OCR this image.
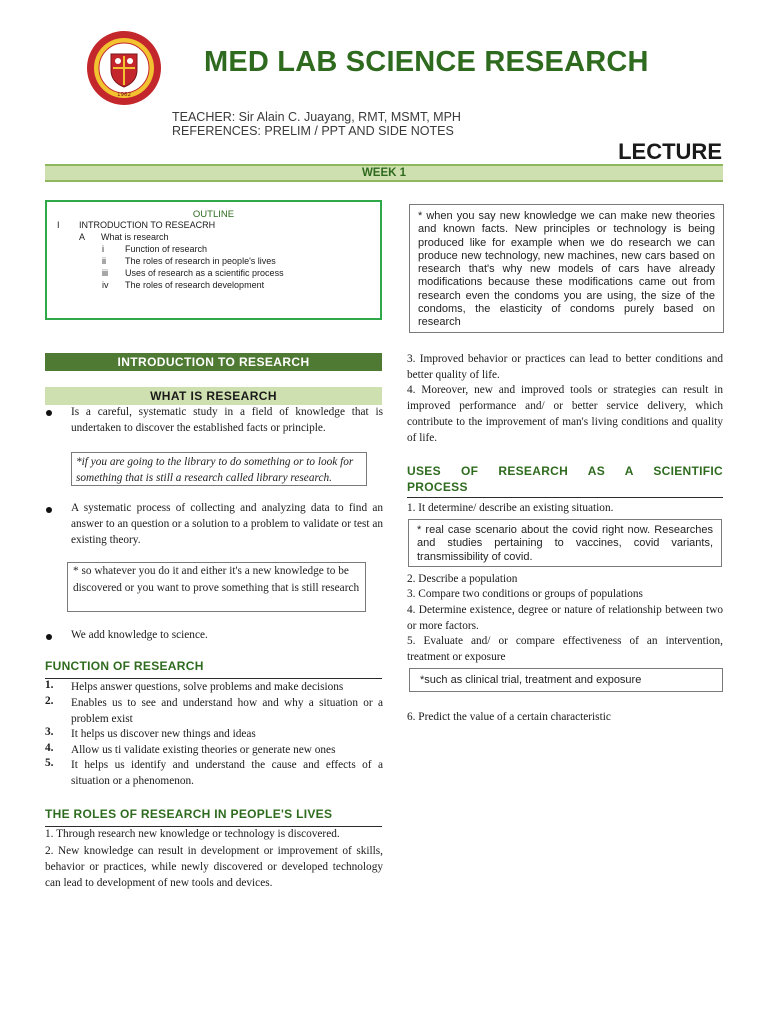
1962
MED LAB SCIENCE RESEARCH
TEACHER: Sir Alain C. Juayang, RMT, MSMT, MPH
REFERENCES: PRELIM / PPT AND SIDE NOTES
LECTURE
WEEK 1
OUTLINE
I INTRODUCTION TO RESEACRH
A What is research
i Function of research
ii The roles of research in people's lives
iii Uses of research as a scientific process
iv The roles of research development
INTRODUCTION TO RESEARCH
WHAT IS RESEARCH
Is a careful, systematic study in a field of knowledge that is undertaken to discover the established facts or principle.
*if you are going to the library to do something or to look for something that is still a research called library research.
A systematic process of collecting and analyzing data to find an answer to an question or a solution to a problem to validate or test an existing theory.
* so whatever you do it and either it's a new knowledge to be discovered or you want to prove something that is still research
We add knowledge to science.
FUNCTION OF RESEARCH
1. Helps answer questions, solve problems and make decisions
2. Enables us to see and understand how and why a situation or a problem exist
3. It helps us discover new things and ideas
4. Allow us ti validate existing theories or generate new ones
5. It helps us identify and understand the cause and effects of a situation or a phenomenon.
THE ROLES OF RESEARCH IN PEOPLE'S LIVES
1. Through research new knowledge or technology is discovered.
2. New knowledge can result in development or improvement of skills, behavior or practices, while newly discovered or developed technology can lead to development of new tools and devices.
* when you say new knowledge we can make new theories and known facts. New principles or technology is being produced like for example when we do research we can produce new technology, new machines, new cars based on research that's why new models of cars have already modifications because these modifications came out from research even the condoms you are using, the size of the condoms, the elasticity of condoms purely based on research
3. Improved behavior or practices can lead to better conditions and better quality of life.
4. Moreover, new and improved tools or strategies can result in improved performance and/ or better service delivery, which contribute to the improvement of man's living conditions and quality of life.
USES OF RESEARCH AS A SCIENTIFIC
PROCESS
1. It determine/ describe an existing situation.
* real case scenario about the covid right now. Researches and studies pertaining to vaccines, covid variants, transmissibility of covid.
2. Describe a population
3. Compare two conditions or groups of populations
4. Determine existence, degree or nature of relationship between two or more factors.
5. Evaluate and/ or compare effectiveness of an intervention, treatment or exposure
*such as clinical trial, treatment and exposure
6. Predict the value of a certain characteristic
